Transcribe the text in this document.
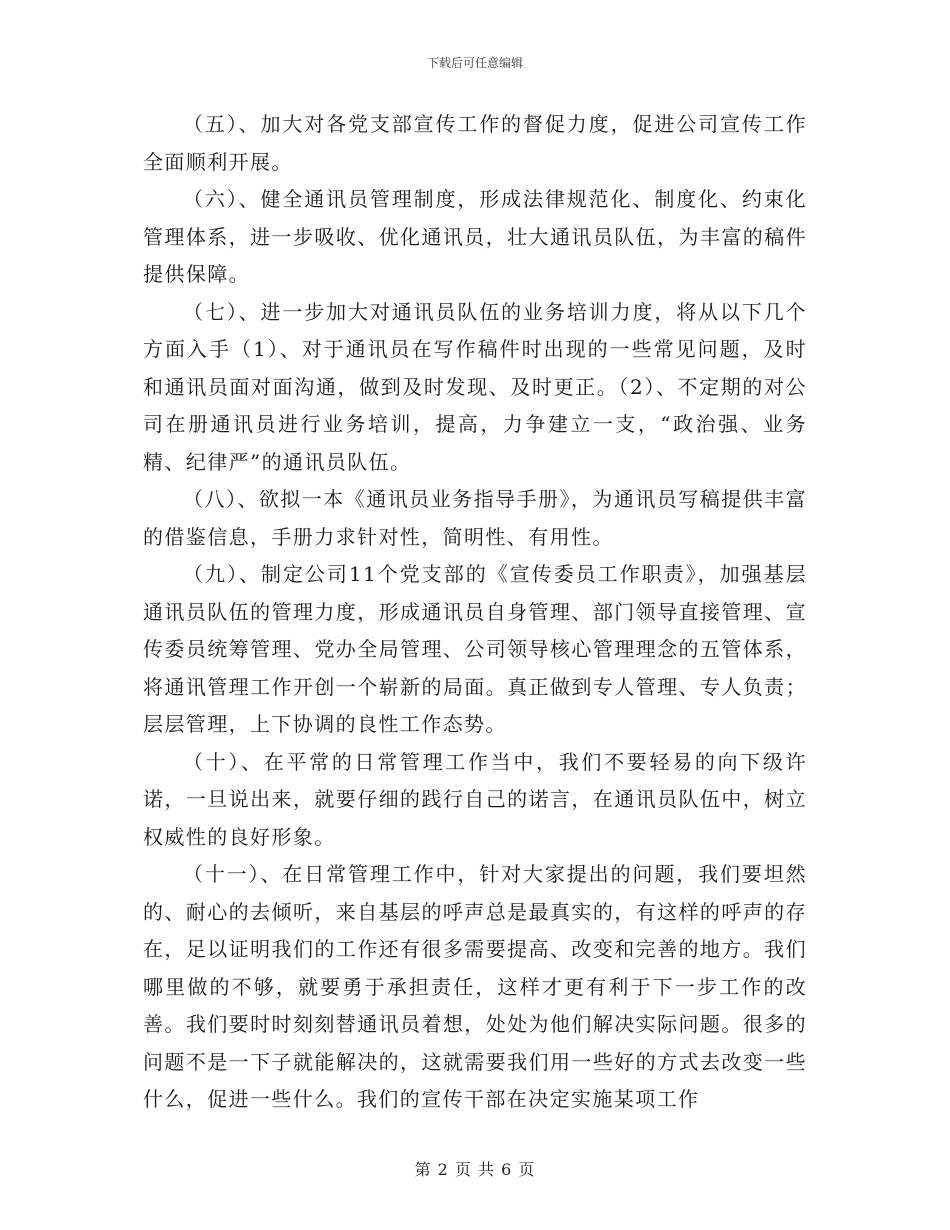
下载后可任意编辑

（五）、加大对各党支部宣传工作的督促力度，促进公司宣传工作全面顺利开展。

（六）、健全通讯员管理制度，形成法律规范化、制度化、约束化管理体系，进一步吸收、优化通讯员，壮大通讯员队伍，为丰富的稿件提供保障。

（七）、进一步加大对通讯员队伍的业务培训力度，将从以下几个方面入手（1）、对于通讯员在写作稿件时出现的一些常见问题，及时和通讯员面对面沟通，做到及时发现、及时更正。（2）、不定期的对公司在册通讯员进行业务培训，提高，力争建立一支，“政治强、业务精、纪律严”的通讯员队伍。

（八）、欲拟一本《通讯员业务指导手册》，为通讯员写稿提供丰富的借鉴信息，手册力求针对性，简明性、有用性。

（九）、制定公司11个党支部的《宣传委员工作职责》，加强基层通讯员队伍的管理力度，形成通讯员自身管理、部门领导直接管理、宣传委员统筹管理、党办全局管理、公司领导核心管理理念的五管体系，将通讯管理工作开创一个崭新的局面。真正做到专人管理、专人负责；层层管理，上下协调的良性工作态势。

（十）、在平常的日常管理工作当中，我们不要轻易的向下级许诺，一旦说出来，就要仔细的践行自己的诺言，在通讯员队伍中，树立权威性的良好形象。

（十一）、在日常管理工作中，针对大家提出的问题，我们要坦然的、耐心的去倾听，来自基层的呼声总是最真实的，有这样的呼声的存在，足以证明我们的工作还有很多需要提高、改变和完善的地方。我们哪里做的不够，就要勇于承担责任，这样才更有利于下一步工作的改善。我们要时时刻刻替通讯员着想，处处为他们解决实际问题。很多的问题不是一下子就能解决的，这就需要我们用一些好的方式去改变一些什么，促进一些什么。我们的宣传干部在决定实施某项工作

第 2 页 共 6 页
